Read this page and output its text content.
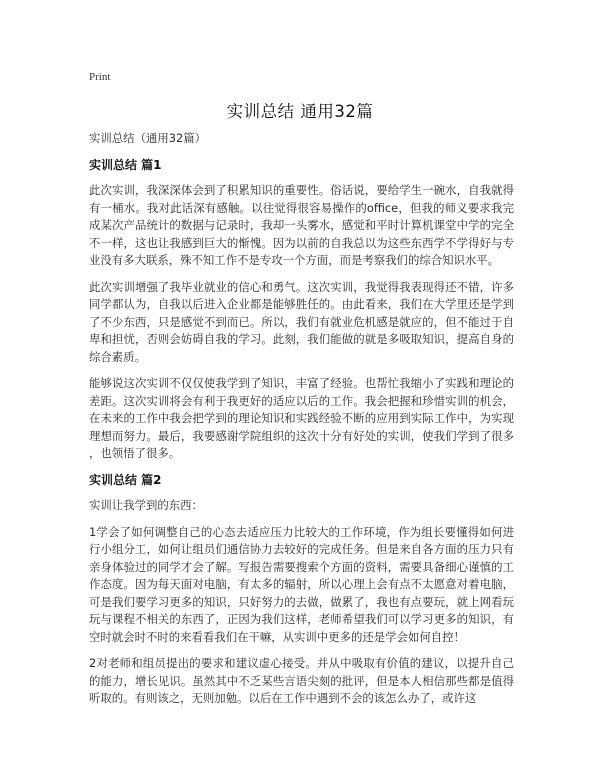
Print
实训总结 通用32篇

实训总结（通用32篇）

实训总结 篇1

此次实训，我深深体会到了积累知识的重要性。俗话说，要给学生一碗水，自我就得有一桶水。我对此话深有感触。以往觉得很容易操作的office，但我的师义要求我完成某次产品统计的数据与记录时，我却一头雾水，感觉和平时计算机课堂中学的完全不一样，这也让我感到巨大的惭愧。因为以前的自我总以为这些东西学不学得好与专业没有多大联系，殊不知工作不是专攻一个方面，而是考察我们的综合知识水平。

此次实训增强了我毕业就业的信心和勇气。这次实训，我觉得我表现得还不错，许多同学都认为，自我以后进入企业都是能够胜任的。由此看来，我们在大学里还是学到了不少东西，只是感觉不到而已。所以，我们有就业危机感是就应的，但不能过于自卑和担忧，否则会妨碍自我的学习。此刻，我们能做的就是多吸取知识，提高自身的综合素质。

能够说这次实训不仅仅使我学到了知识，丰富了经验。也帮忙我缩小了实践和理论的差距。这次实训将会有利于我更好的适应以后的工作。我会把握和珍惜实训的机会，在未来的工作中我会把学到的理论知识和实践经验不断的应用到实际工作中，为实现理想而努力。最后，我要感谢学院组织的这次十分有好处的实训，使我们学到了很多，也领悟了很多。

实训总结 篇2

实训让我学到的东西：

1学会了如何调整自己的心态去适应压力比较大的工作环境，作为组长要懂得如何进行小组分工，如何让组员们通信协力去较好的完成任务。但是来自各方面的压力只有亲身体验过的同学才会了解。写报告需要搜索个方面的资料，需要具备细心谨慎的工作态度。因为每天面对电脑，有太多的辐射，所以心理上会有点不太愿意对着电脑，可是我们要学习更多的知识，只好努力的去做，做累了，我也有点要玩，就上网看玩玩与课程不相关的东西了，正因为我们这样，老师希望我们可以学习更多的知识，有空时就会时不时的来看看我们在干嘛，从实训中更多的还是学会如何自控！

2对老师和组员提出的要求和建议虚心接受。并从中吸取有价值的建议，以提升自己的能力，增长见识。虽然其中不乏某些言语尖刻的批评，但是本人相信那些都是值得听取的。有则该之，无则加勉。以后在工作中遇到不会的该怎么办了，或许这
